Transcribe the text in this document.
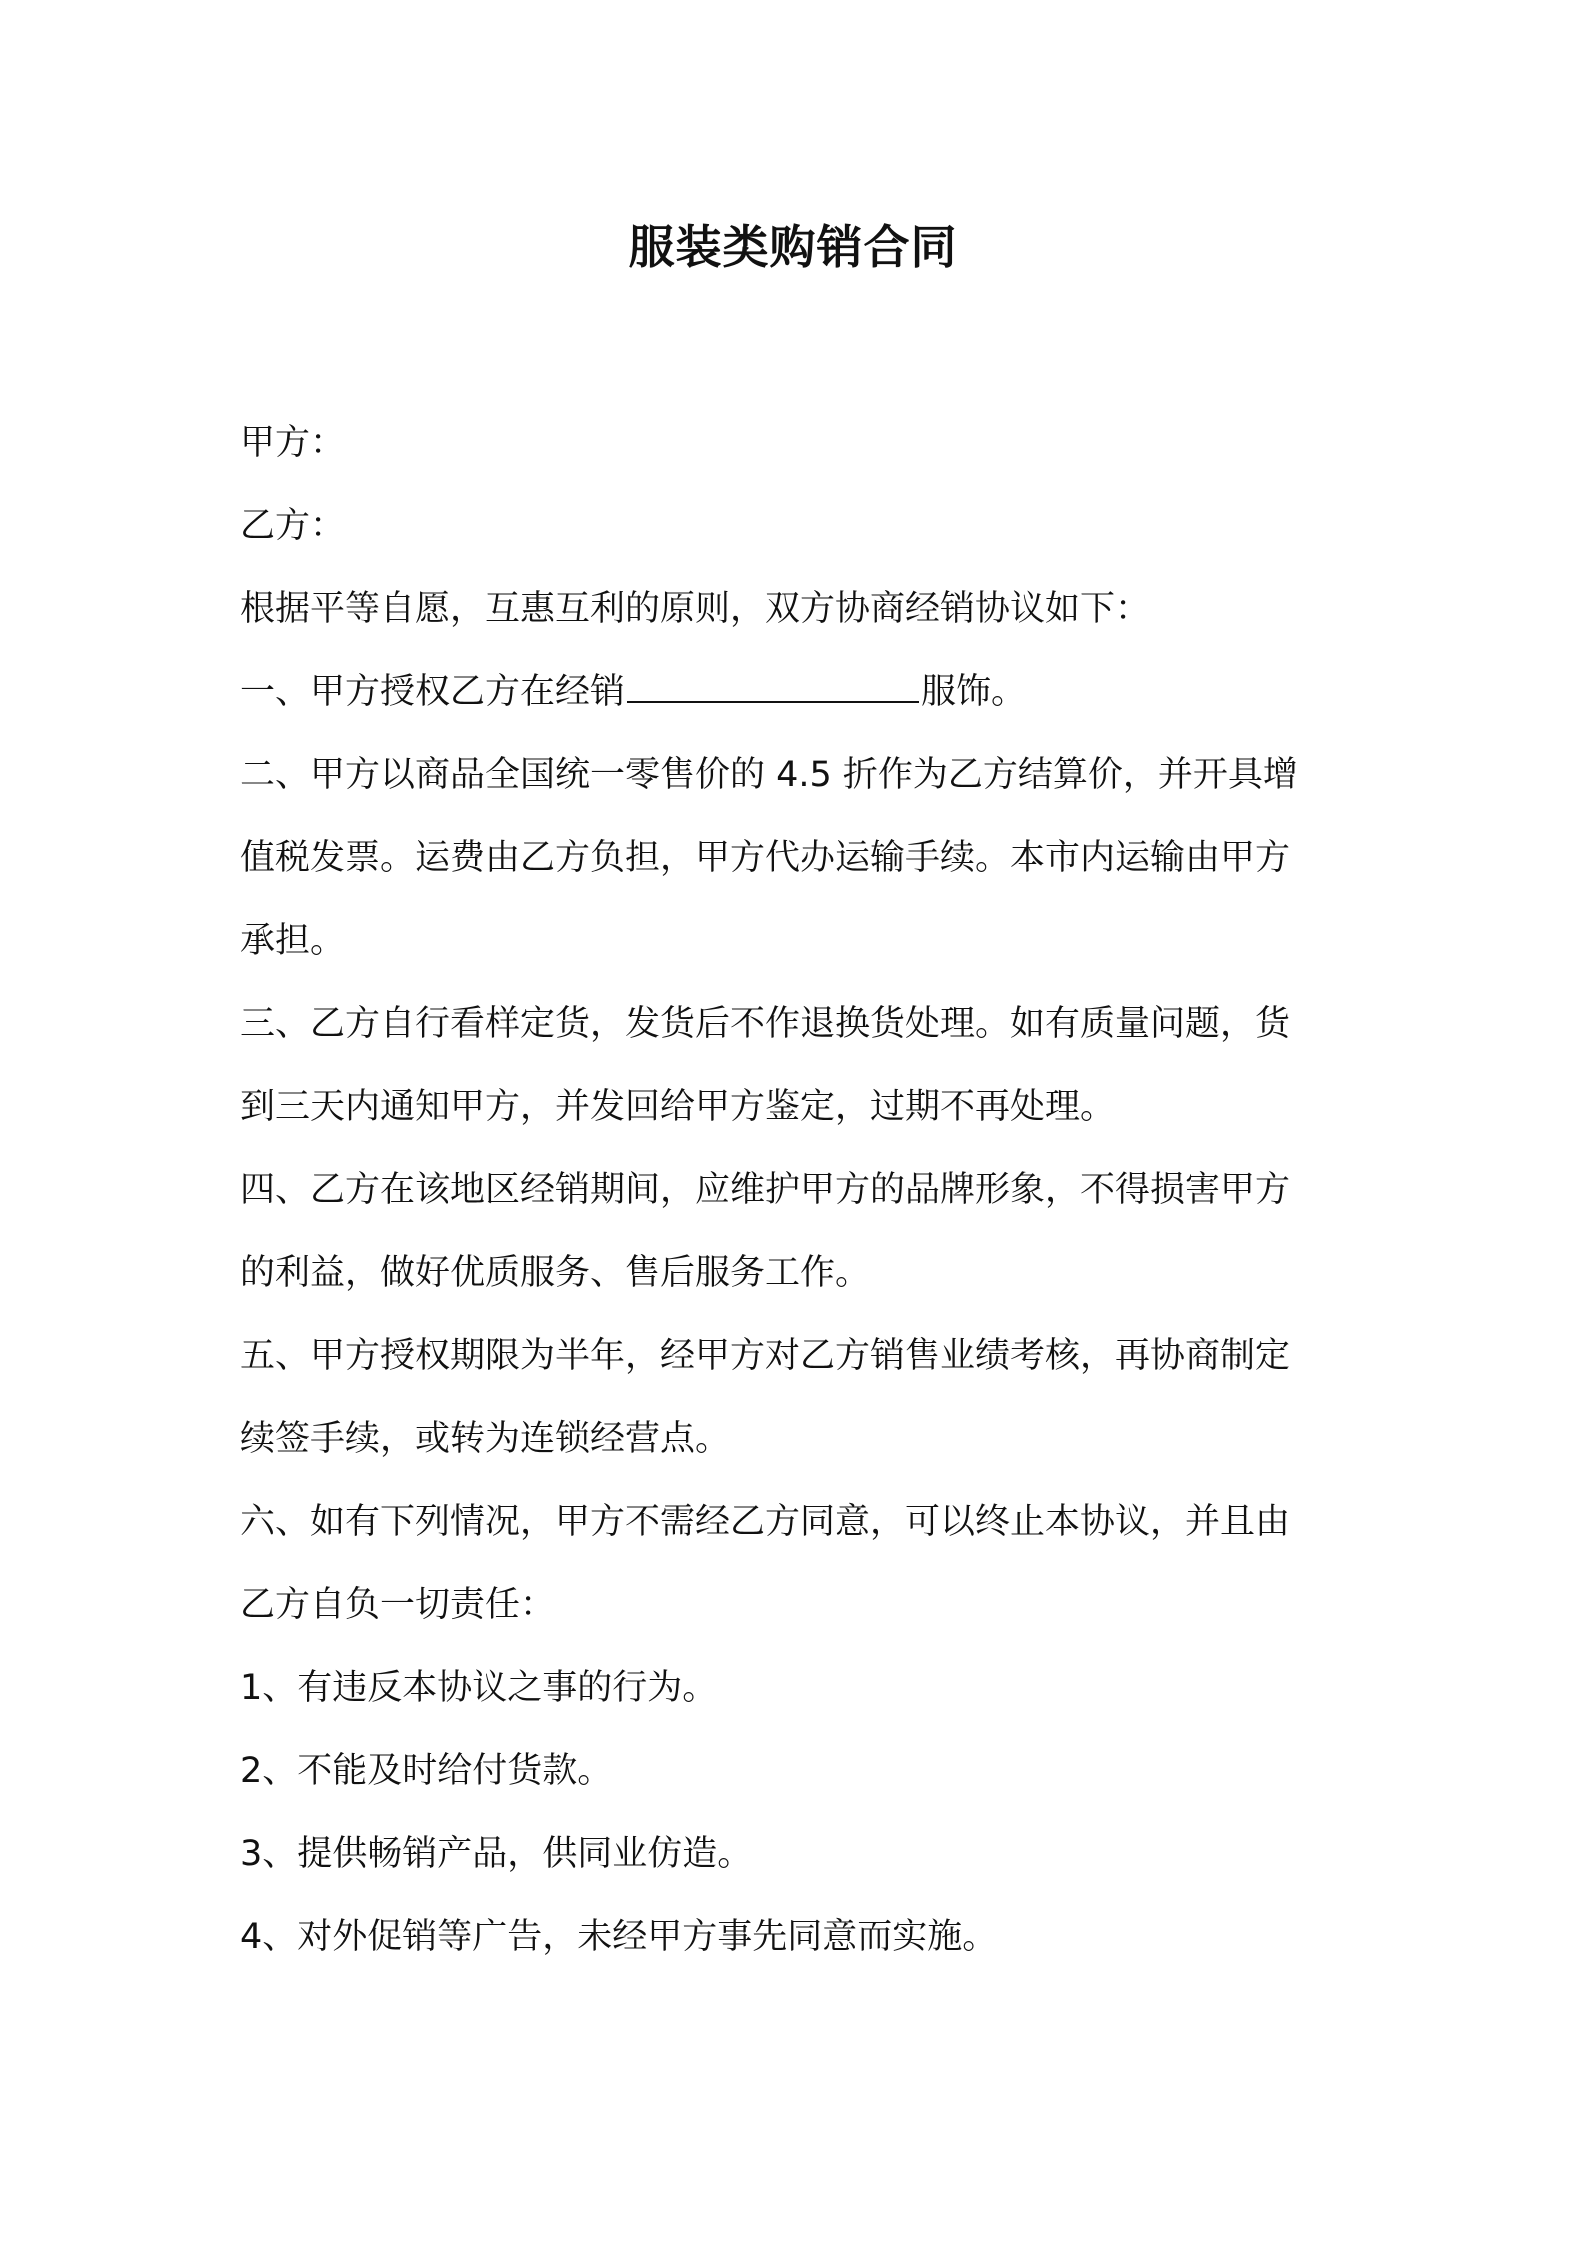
服装类购销合同
甲方：
乙方：
根据平等自愿，互惠互利的原则，双方协商经销协议如下：
一、甲方授权乙方在经销	服饰。
二、甲方以商品全国统一零售价的 4.5 折作为乙方结算价，并开具增
值税发票。运费由乙方负担，甲方代办运输手续。本市内运输由甲方
承担。
三、乙方自行看样定货，发货后不作退换货处理。如有质量问题，货
到三天内通知甲方，并发回给甲方鉴定，过期不再处理。
四、乙方在该地区经销期间，应维护甲方的品牌形象，不得损害甲方
的利益，做好优质服务、售后服务工作。
五、甲方授权期限为半年，经甲方对乙方销售业绩考核，再协商制定
续签手续，或转为连锁经营点。
六、如有下列情况，甲方不需经乙方同意，可以终止本协议，并且由
乙方自负一切责任：
1、有违反本协议之事的行为。
2、不能及时给付货款。
3、提供畅销产品，供同业仿造。
4、对外促销等广告，未经甲方事先同意而实施。
